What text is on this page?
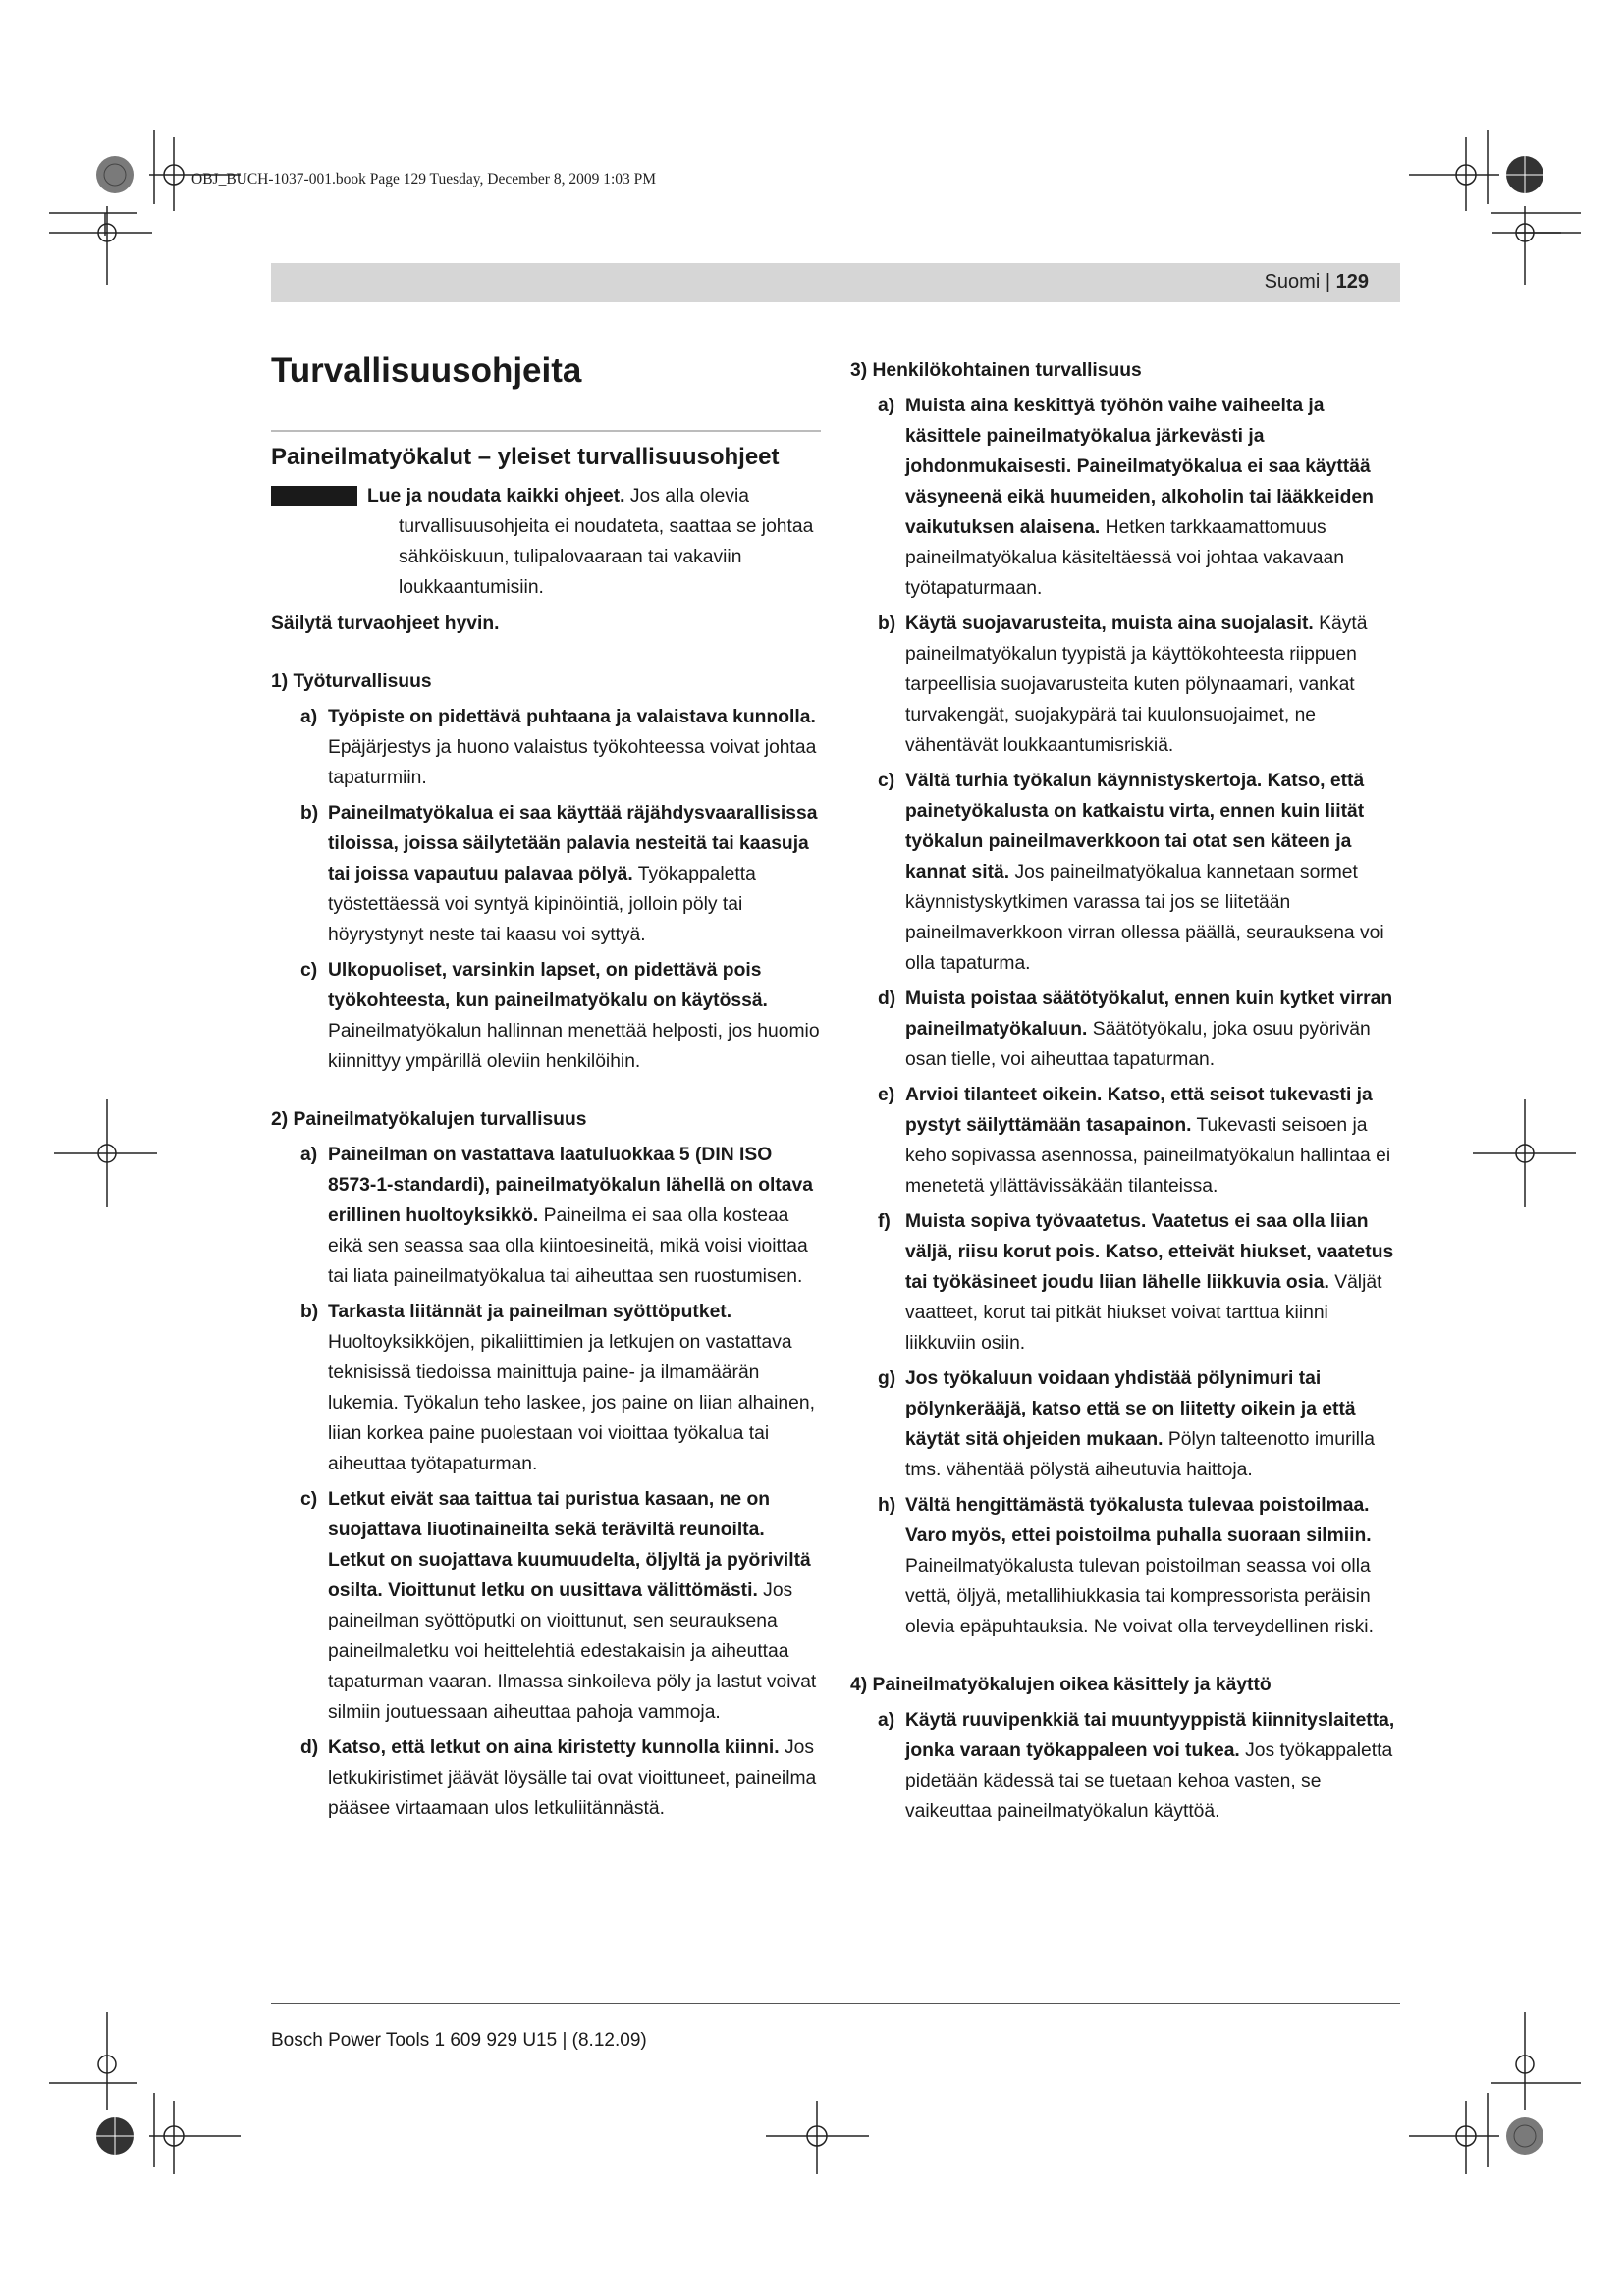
OBJ_BUCH-1037-001.book Page 129 Tuesday, December 8, 2009 1:03 PM
Suomi | 129
Turvallisuusohjeita
Paineilmatyökalut – yleiset turvallisuusohjeet

▲	VAROITUS	Lue ja noudata kaikki ohjeet. Jos alla olevia turvallisuusohjeita ei noudateta, saattaa se johtaa sähköiskuun, tulipalovaaraan tai vakaviin loukkaantumisiin.

Säilytä turvaohjeet hyvin.

1) Työturvallisuus

a) Työpiste on pidettävä puhtaana ja valaistava kunnolla. Epäjärjestys ja huono valaistus työkohteessa voivat johtaa tapaturmiin.
b) Paineilmatyökalua ei saa käyttää räjähdysvaarallisissa tiloissa, joissa säilytetään palavia nesteitä tai kaasuja tai joissa vapautuu palavaa pölyä. Työkappaletta työstettäessä voi syntyä kipinöintiä, jolloin pöly tai höyrystynyt neste tai kaasu voi syttyä.
c) Ulkopuoliset, varsinkin lapset, on pidettävä pois työkohteesta, kun paineilmatyökalu on käytössä. Paineilmatyökalun hallinnan menettää helposti, jos huomio kiinnittyy ympärillä oleviin henkilöihin.

2) Paineilmatyökalujen turvallisuus

a) Paineilman on vastattava laatuluokkaa 5 (DIN ISO 8573-1-standardi), paineilmatyökalun lähellä on oltava erillinen huoltoyksikkö. Paineilma ei saa olla kosteaa eikä sen seassa saa olla kiintoesineitä, mikä voisi vioittaa tai liata paineilmatyökalua tai aiheuttaa sen ruostumisen.
b) Tarkasta liitännät ja paineilman syöttöputket. Huoltoyksikköjen, pikaliittimien ja letkujen on vastattava teknisissä tiedoissa mainittuja paine- ja ilmamäärän lukemia. Työkalun teho laskee, jos paine on liian alhainen, liian korkea paine puolestaan voi vioittaa työkalua tai aiheuttaa työtapaturman.
c) Letkut eivät saa taittua tai puristua kasaan, ne on suojattava liuotinaineilta sekä teräviltä reunoilta. Letkut on suojattava kuumuudelta, öljyltä ja pyöriviltä osilta. Vioittunut letku on uusittava välittömästi. Jos paineilman syöttöputki on vioittunut, sen seurauksena paineilmaletku voi heittelehtiä edestakaisin ja aiheuttaa tapaturman vaaran. Ilmassa sinkoileva pöly ja lastut voivat silmiin joutuessaan aiheuttaa pahoja vammoja.
d) Katso, että letkut on aina kiristetty kunnolla kiinni. Jos letkukiristimet jäävät löysälle tai ovat vioittuneet, paineilma pääsee virtaamaan ulos letkuliitännästä.

3) Henkilökohtainen turvallisuus

a) Muista aina keskittyä työhön vaihe vaiheelta ja käsittele paineilmatyökalua järkevästi ja johdonmukaisesti. Paineilmatyökalua ei saa käyttää väsyneenä eikä huumeiden, alkoholin tai lääkkeiden vaikutuksen alaisena. Hetken tarkkaamattomuus paineilmatyökalua käsiteltäessä voi johtaa vakavaan työtapaturmaan.
b) Käytä suojavarusteita, muista aina suojalasit. Käytä paineilmatyökalun tyypistä ja käyttökohteesta riippuen tarpeellisia suojavarusteita kuten pölynaamari, vankat turvakengät, suojakypärä tai kuulonsuojaimet, ne vähentävät loukkaantumisriskiä.
c) Vältä turhia työkalun käynnistyskertoja. Katso, että painetyökalusta on katkaistu virta, ennen kuin liität työkalun paineilmaverkkoon tai otat sen käteen ja kannat sitä. Jos paineilmatyökalua kannetaan sormet käynnistyskytkimen varassa tai jos se liitetään paineilmaverkkoon virran ollessa päällä, seurauksena voi olla tapaturma.
d) Muista poistaa säätötyökalut, ennen kuin kytket virran paineilmatyökaluun. Säätötyökalu, joka osuu pyörivän osan tielle, voi aiheuttaa tapaturman.
e) Arvioi tilanteet oikein. Katso, että seisot tukevasti ja pystyt säilyttämään tasapainon. Tukevasti seisoen ja keho sopivassa asennossa, paineilmatyökalun hallintaa ei menetetä yllättävissäkään tilanteissa.
f) Muista sopiva työvaatetus. Vaatetus ei saa olla liian väljä, riisu korut pois. Katso, etteivät hiukset, vaatetus tai työkäsineet joudu liian lähelle liikkuvia osia. Väljät vaatteet, korut tai pitkät hiukset voivat tarttua kiinni liikkuviin osiin.
g) Jos työkaluun voidaan yhdistää pölynimuri tai pölynkerääjä, katso että se on liitetty oikein ja että käytät sitä ohjeiden mukaan. Pölyn talteenotto imurilla tms. vähentää pölystä aiheutuvia haittoja.
h) Vältä hengittämästä työkalusta tulevaa poistoilmaa. Varo myös, ettei poistoilma puhalla suoraan silmiin. Paineilmatyökalusta tulevan poistoilman seassa voi olla vettä, öljyä, metallihiukkasia tai kompressorista peräisin olevia epäpuhtauksia. Ne voivat olla terveydellinen riski.

4) Paineilmatyökalujen oikea käsittely ja käyttö

a) Käytä ruuvipenkkiä tai muuntyyppistä kiinnityslaitetta, jonka varaan työkappaleen voi tukea. Jos työkappaletta pidetään kädessä tai se tuetaan kehoa vasten, se vaikeuttaa paineilmatyökalun käyttöä.
Bosch Power Tools 1 609 929 U15 | (8.12.09)
